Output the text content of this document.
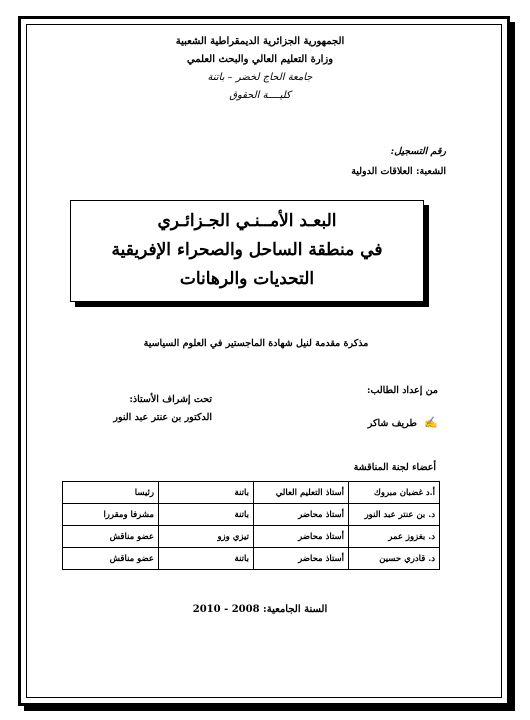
الجمهورية الجزائرية الديمقراطية الشعبية
وزارة التعليم العالي والبحث العلمي
جامعة الحاج لخضر – باتنة
كليــــة الحقوق
رقم التسجيل:
الشعبة: العلاقات الدولية
البعـد الأمــنـي الجـزائـري
في منطقة الساحل والصحراء الإفريقية
التحديات والرهانات
مذكرة مقدمة لنيل شهادة الماجستير في العلوم السياسية
من إعداد الطالب:
✍ طريف شاكر
تحت إشراف الأستاذ:
الدكتور بن عنتر عبد النور
أعضاء لجنة المناقشة
أ.د غضبان مبروك	أستاذ التعليم العالي	باتنة	رئيسا
د. بن عنتر عبد النور	أستاذ محاضر	باتنة	مشرفا ومقررا
د. بغزوز عمر	أستاذ محاضر	تيزي وزو	عضو مناقش
د. قادري حسين	أستاذ محاضر	باتنة	عضو مناقش
السنة الجامعية: 2008 - 2010
